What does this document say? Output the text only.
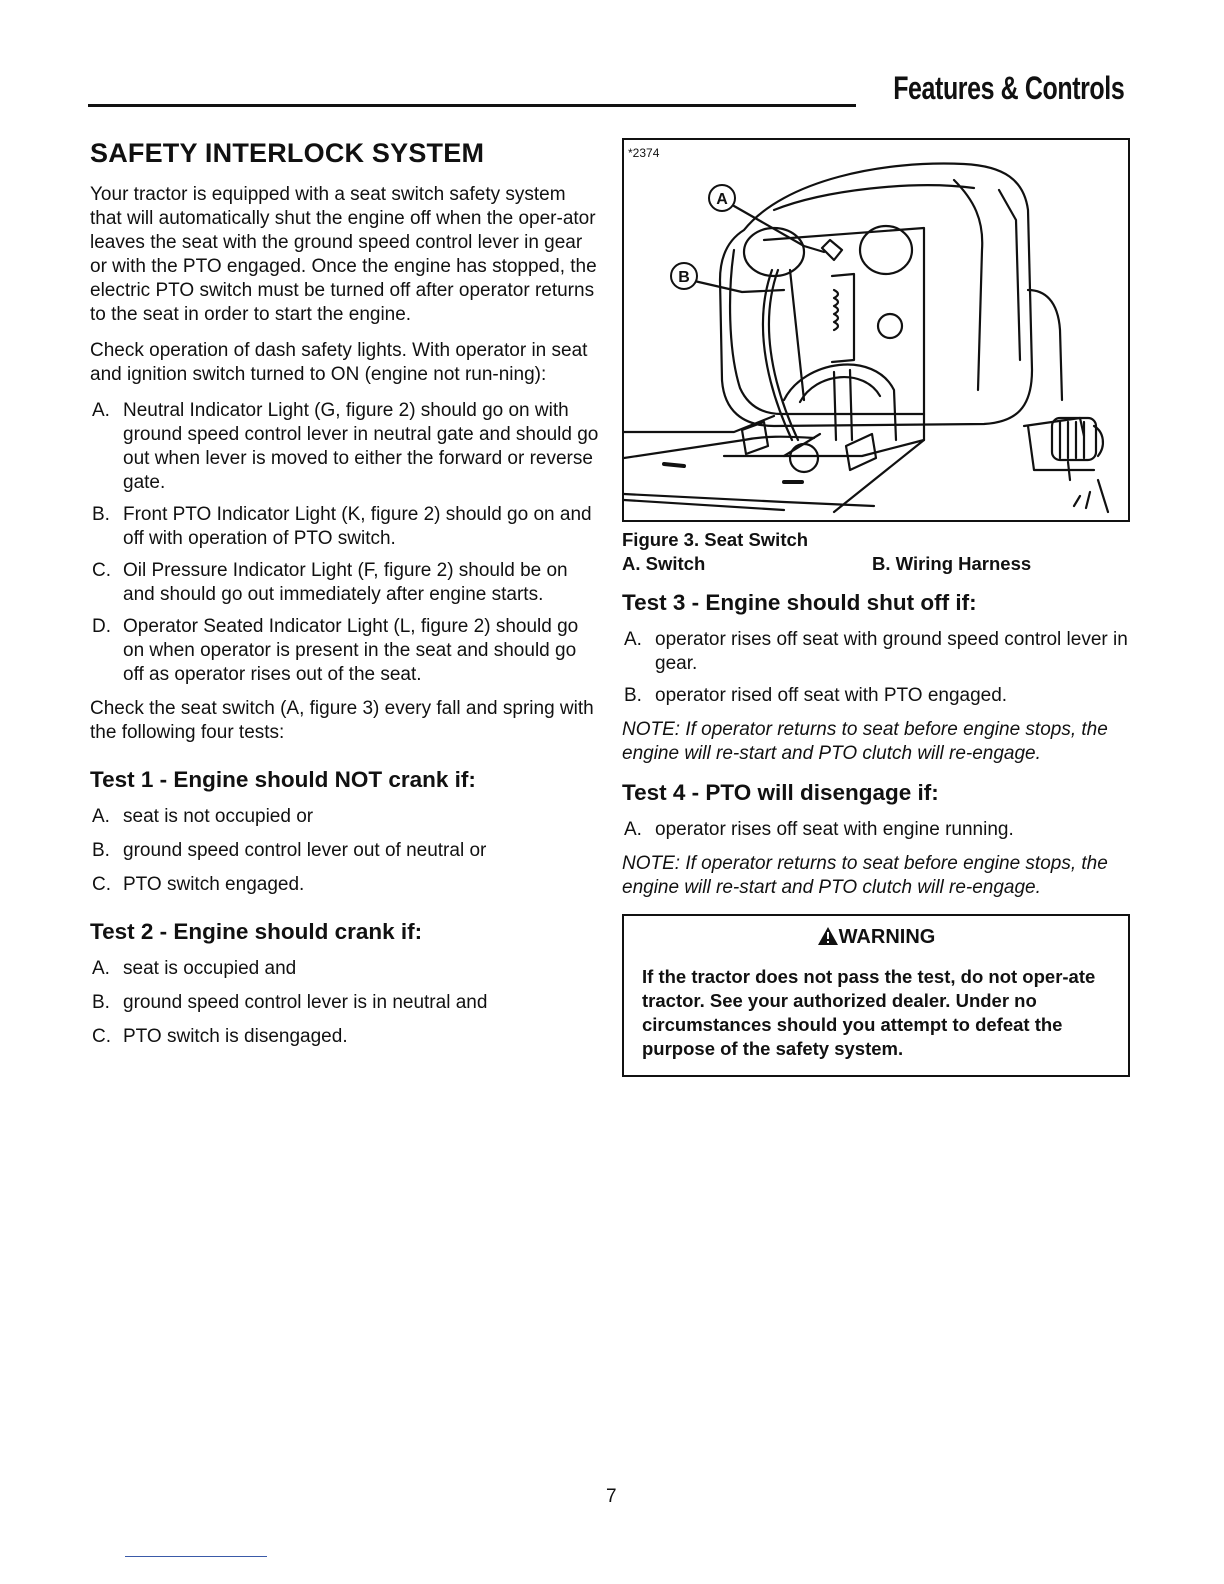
Features & Controls
SAFETY INTERLOCK SYSTEM

Your tractor is equipped with a seat switch safety system that will automatically shut the engine off when the oper-ator leaves the seat with the ground speed control lever in gear or with the PTO engaged. Once the engine has stopped, the electric PTO switch must be turned off after operator returns to the seat in order to start the engine.

Check operation of dash safety lights. With operator in seat and ignition switch turned to ON (engine not run-ning):

A. Neutral Indicator Light (G, figure 2) should go on with ground speed control lever in neutral gate and should go out when lever is moved to either the forward or reverse gate.
B. Front PTO Indicator Light (K, figure 2) should go on and off with operation of PTO switch.
C. Oil Pressure Indicator Light (F, figure 2) should be on and should go out immediately after engine starts.
D. Operator Seated Indicator Light (L, figure 2) should go on when operator is present in the seat and should go off as operator rises out of the seat.

Check the seat switch (A, figure 3) every fall and spring with the following four tests:

Test 1 - Engine should NOT crank if:
A. seat is not occupied or
B. ground speed control lever out of neutral or
C. PTO switch engaged.
Test 2 - Engine should crank if:
A. seat is occupied and
B. ground speed control lever is in neutral and
C. PTO switch is disengaged.
*2374
A
B
Figure 3. Seat Switch
A. Switch	B. Wiring Harness
Test 3 - Engine should shut off if:
A. operator rises off seat with ground speed control lever in gear.
B. operator rised off seat with PTO engaged.

NOTE: If operator returns to seat before engine stops, the engine will re-start and PTO clutch will re-engage.

Test 4 - PTO will disengage if:
A. operator rises off seat with engine running.

NOTE: If operator returns to seat before engine stops, the engine will re-start and PTO clutch will re-engage.

WARNING
If the tractor does not pass the test, do not oper-ate tractor. See your authorized dealer. Under no circumstances should you attempt to defeat the purpose of the safety system.
7
